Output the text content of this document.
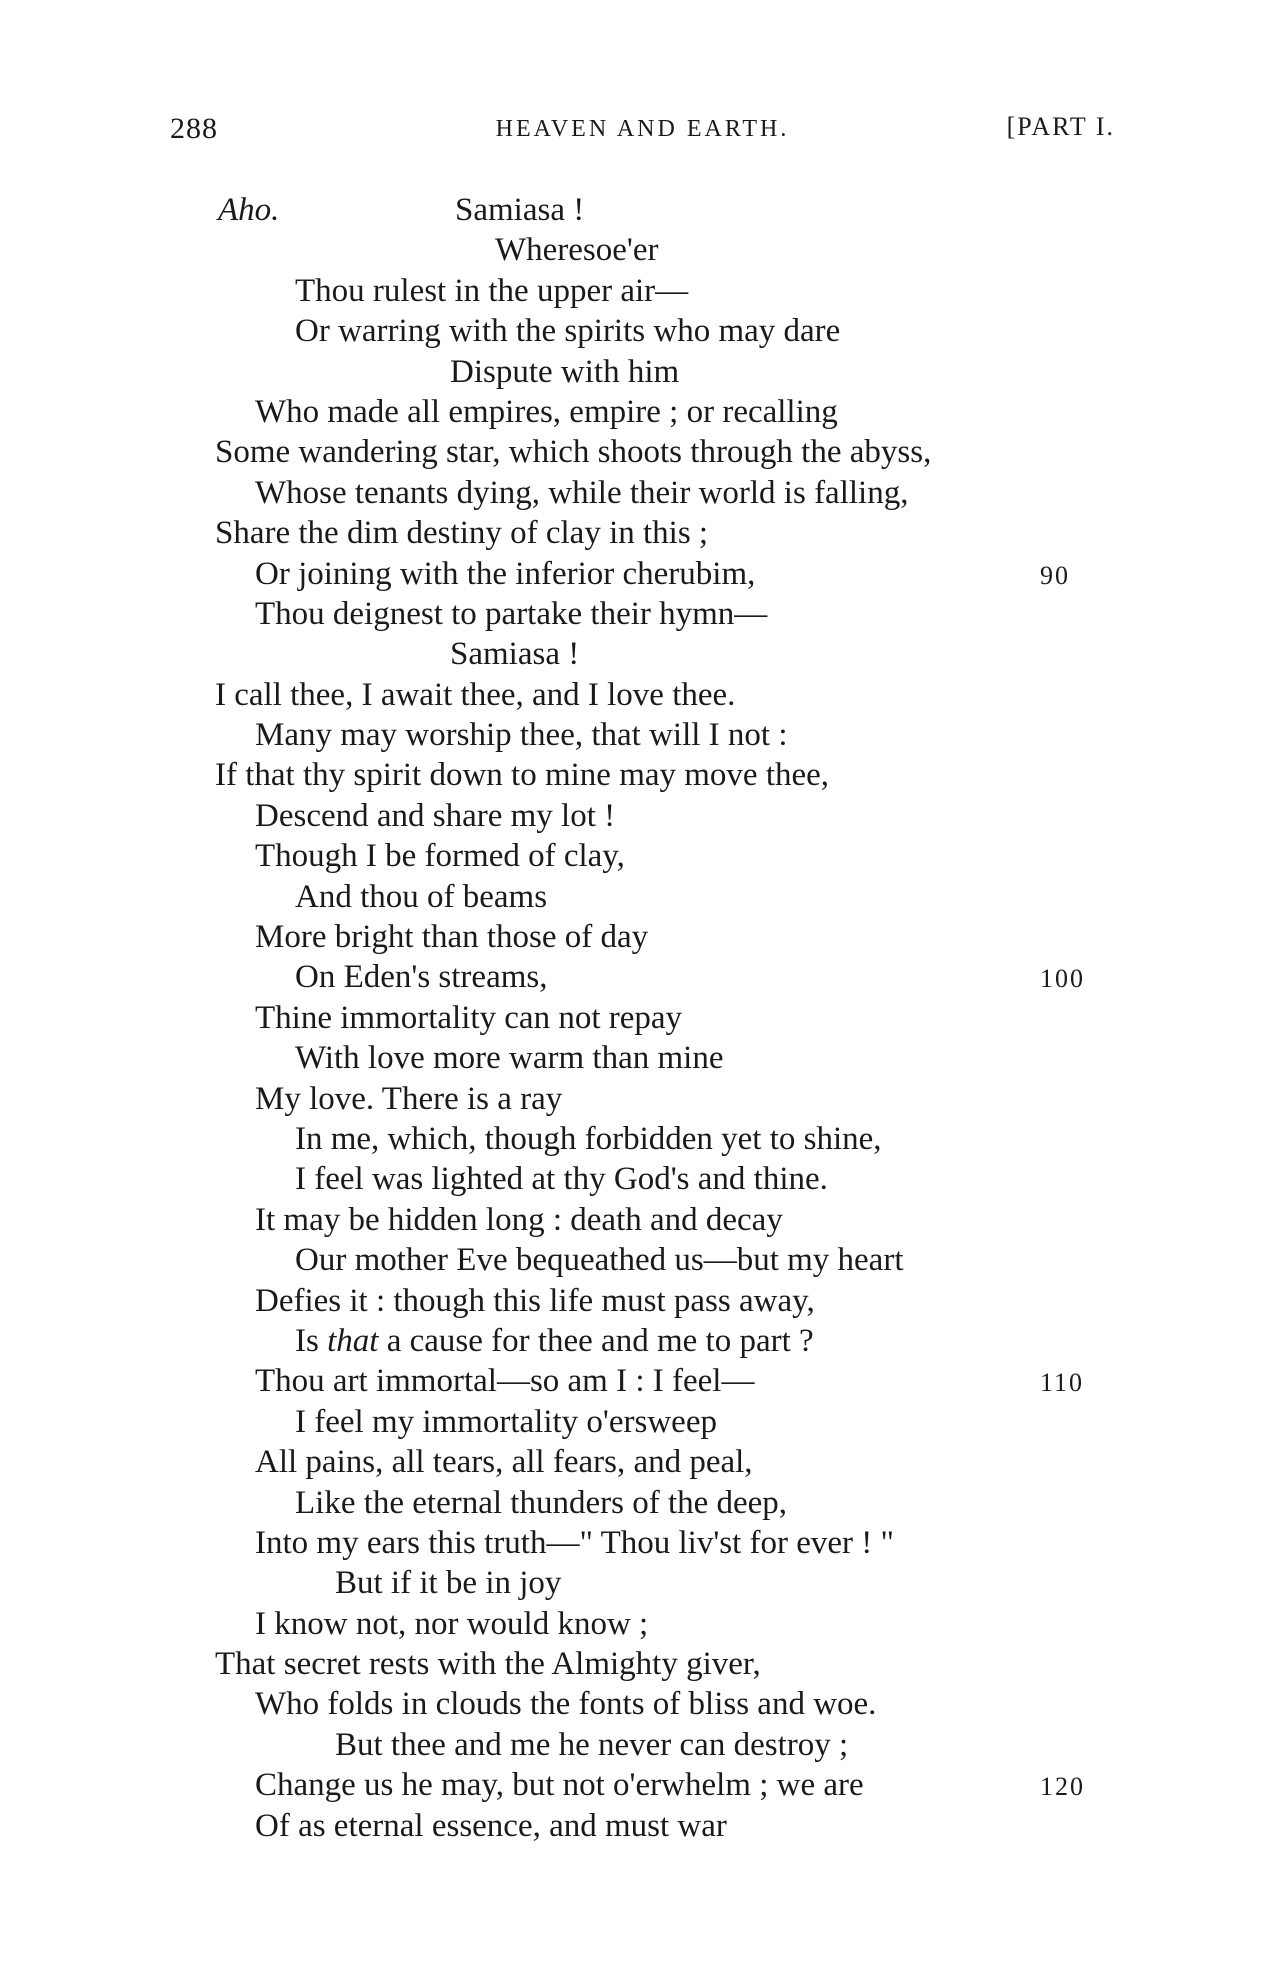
288	HEAVEN AND EARTH.	[PART I.
Aho.	Samiasa !
Wheresoe'er
Thou rulest in the upper air—
Or warring with the spirits who may dare
Dispute with him
Who made all empires, empire ; or recalling
Some wandering star, which shoots through the abyss,
Whose tenants dying, while their world is falling,
Share the dim destiny of clay in this ;
Or joining with the inferior cherubim,	90
Thou deignest to partake their hymn—
Samiasa !
I call thee, I await thee, and I love thee.
Many may worship thee, that will I not :
If that thy spirit down to mine may move thee,
Descend and share my lot !
Though I be formed of clay,
And thou of beams
More bright than those of day
On Eden's streams,	100
Thine immortality can not repay
With love more warm than mine
My love. There is a ray
In me, which, though forbidden yet to shine,
I feel was lighted at thy God's and thine.
It may be hidden long : death and decay
Our mother Eve bequeathed us—but my heart
Defies it : though this life must pass away,
Is that a cause for thee and me to part ?
Thou art immortal—so am I : I feel—	110
I feel my immortality o'ersweep
All pains, all tears, all fears, and peal,
Like the eternal thunders of the deep,
Into my ears this truth—" Thou liv'st for ever ! "
But if it be in joy
I know not, nor would know ;
That secret rests with the Almighty giver,
Who folds in clouds the fonts of bliss and woe.
But thee and me he never can destroy ;
Change us he may, but not o'erwhelm ; we are	120
Of as eternal essence, and must war
